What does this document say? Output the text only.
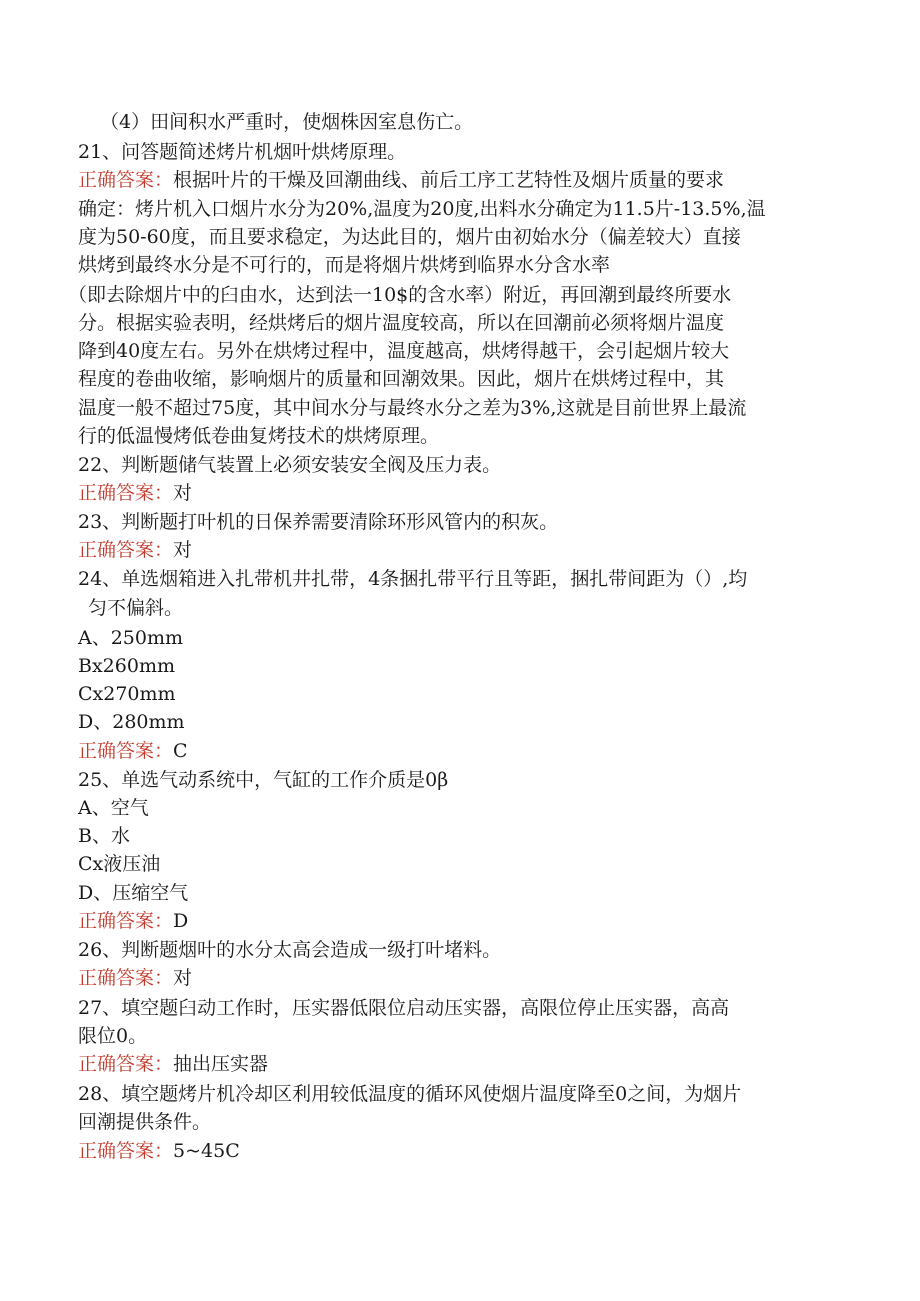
（4）田间积水严重时，使烟株因室息伤亡。
21、问答题简述烤片机烟叶烘烤原理。
正确答案：根据叶片的干燥及回潮曲线、前后工序工艺特性及烟片质量的要求
确定：烤片机入口烟片水分为20%,温度为20度,出料水分确定为11.5片-13.5%,温
度为50-60度，而且要求稳定，为达此目的，烟片由初始水分（偏差较大）直接
烘烤到最终水分是不可行的，而是将烟片烘烤到临界水分含水率
（即去除烟片中的臼由水，达到法一10$的含水率）附近，再回潮到最终所要水
分。根据实验表明，经烘烤后的烟片温度较高，所以在回潮前必须将烟片温度
降到40度左右。另外在烘烤过程中，温度越高，烘烤得越干，会引起烟片较大
程度的卷曲收缩，影响烟片的质量和回潮效果。因此，烟片在烘烤过程中，其
温度一般不超过75度，其中间水分与最终水分之差为3%,这就是目前世界上最流
行的低温慢烤低卷曲复烤技术的烘烤原理。
22、判断题储气装置上必须安装安全阀及压力表。
正确答案：对
23、判断题打叶机的日保养需要清除环形风管内的积灰。
正确答案：对
24、单选烟箱进入扎带机井扎带，4条捆扎带平行且等距，捆扎带间距为（）,均
匀不偏斜。
A、250mm
Bx260mm
Cx270mm
D、280mm
正确答案：C
25、单选气动系统中，气缸的工作介质是0β
A、空气
B、水
Cx液压油
D、压缩空气
正确答案：D
26、判断题烟叶的水分太高会造成一级打叶堵料。
正确答案：对
27、填空题臼动工作时，压实器低限位启动压实器，高限位停止压实器，高高
限位0。
正确答案：抽出压实器
28、填空题烤片机冷却区利用较低温度的循环风使烟片温度降至0之间，为烟片
回潮提供条件。
正确答案：5~45C
